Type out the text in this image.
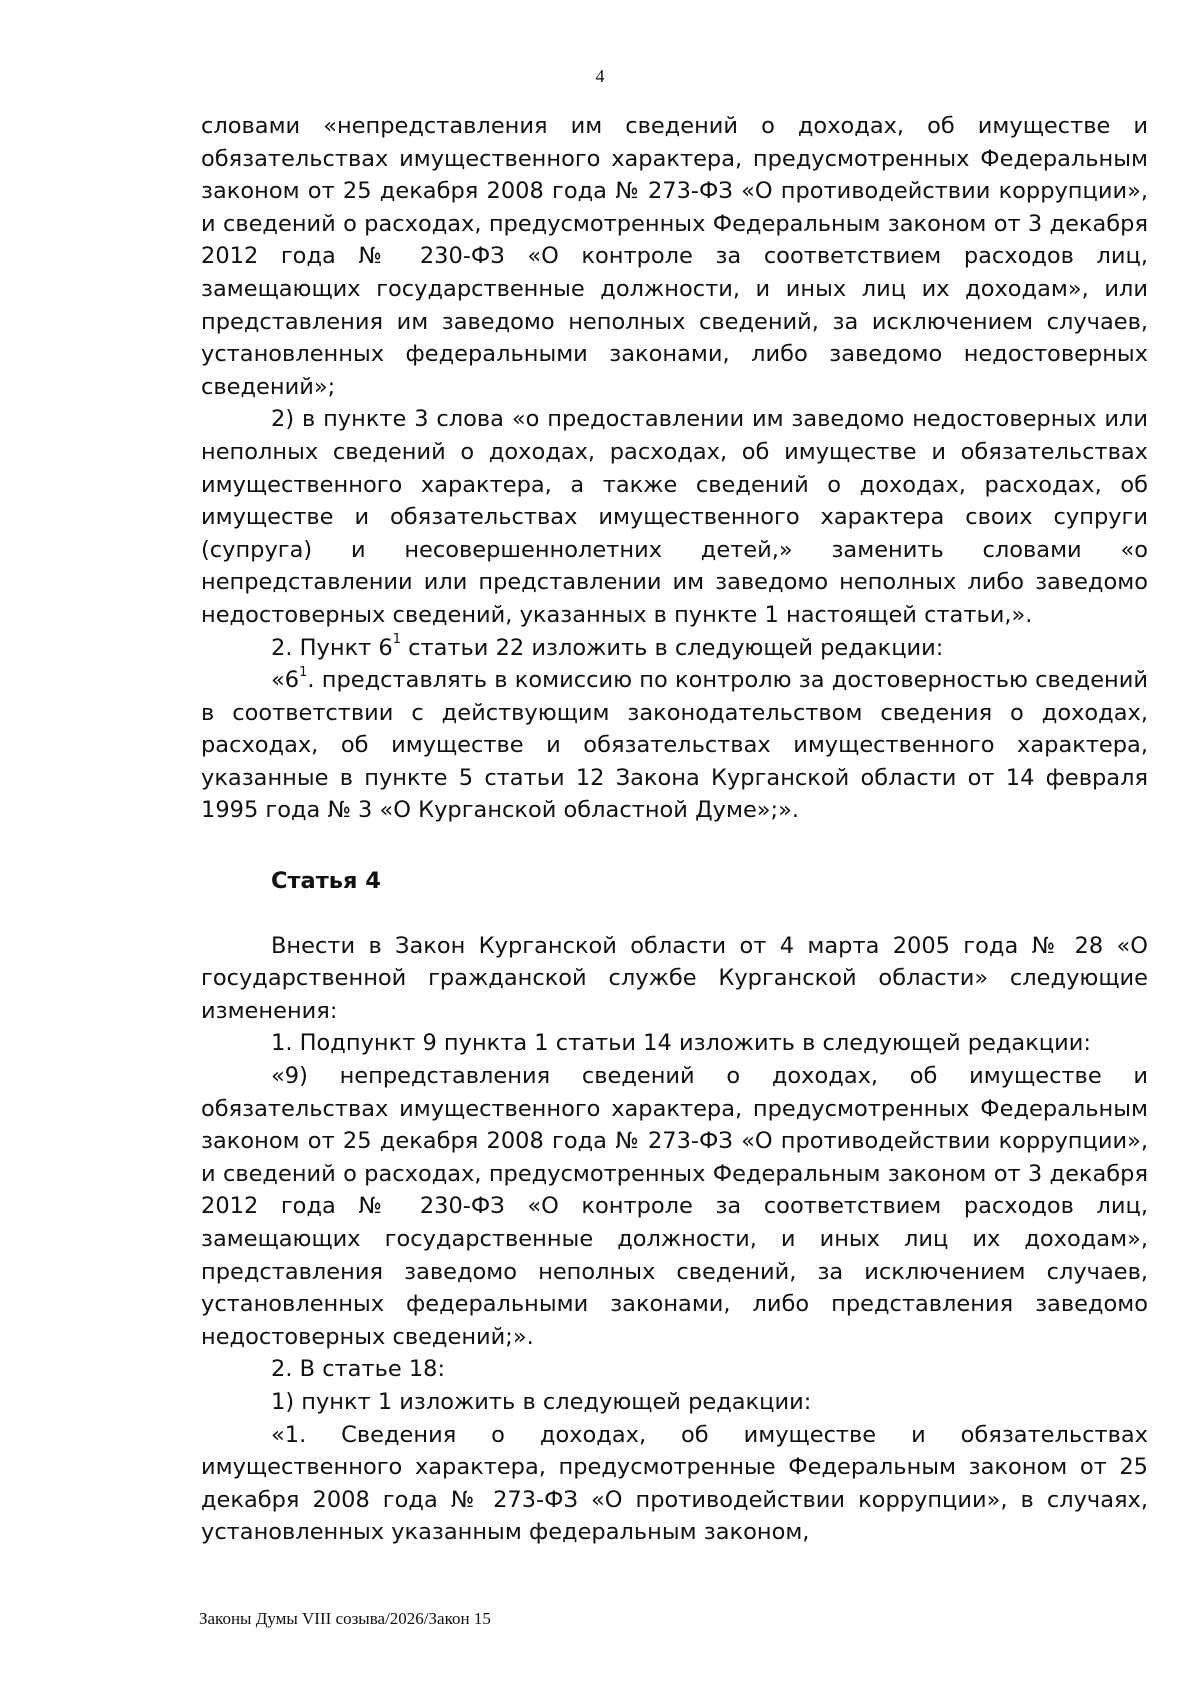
4

словами «непредставления им сведений о доходах, об имуществе и обязательствах имущественного характера, предусмотренных Федеральным законом от 25 декабря 2008 года № 273-ФЗ «О противодействии коррупции», и сведений о расходах, предусмотренных Федеральным законом от 3 декабря 2012 года № 230-ФЗ «О контроле за соответствием расходов лиц, замещающих государственные должности, и иных лиц их доходам», или представления им заведомо неполных сведений, за исключением случаев, установленных федеральными законами, либо заведомо недостоверных сведений»;

2) в пункте 3 слова «о предоставлении им заведомо недостоверных или неполных сведений о доходах, расходах, об имуществе и обязательствах имущественного характера, а также сведений о доходах, расходах, об имуществе и обязательствах имущественного характера своих супруги (супруга) и несовершеннолетних детей,» заменить словами «о непредставлении или представлении им заведомо неполных либо заведомо недостоверных сведений, указанных в пункте 1 настоящей статьи,».

2. Пункт $6^1$ статьи 22 изложить в следующей редакции:

«$6^1$. представлять в комиссию по контролю за достоверностью сведений в соответствии с действующим законодательством сведения о доходах, расходах, об имуществе и обязательствах имущественного характера, указанные в пункте 5 статьи 12 Закона Курганской области от 14 февраля 1995 года № 3 «О Курганской областной Думе»;».

Статья 4

Внести в Закон Курганской области от 4 марта 2005 года № 28 «О государственной гражданской службе Курганской области» следующие изменения:

1. Подпункт 9 пункта 1 статьи 14 изложить в следующей редакции:

«9) непредставления сведений о доходах, об имуществе и обязательствах имущественного характера, предусмотренных Федеральным законом от 25 декабря 2008 года № 273-ФЗ «О противодействии коррупции», и сведений о расходах, предусмотренных Федеральным законом от 3 декабря 2012 года № 230-ФЗ «О контроле за соответствием расходов лиц, замещающих государственные должности, и иных лиц их доходам», представления заведомо неполных сведений, за исключением случаев, установленных федеральными законами, либо представления заведомо недостоверных сведений;».

2. В статье 18:

1) пункт 1 изложить в следующей редакции:

«1. Сведения о доходах, об имуществе и обязательствах имущественного характера, предусмотренные Федеральным законом от 25 декабря 2008 года № 273-ФЗ «О противодействии коррупции», в случаях, установленных указанным федеральным законом,

Законы Думы VIII созыва/2026/Закон 15
